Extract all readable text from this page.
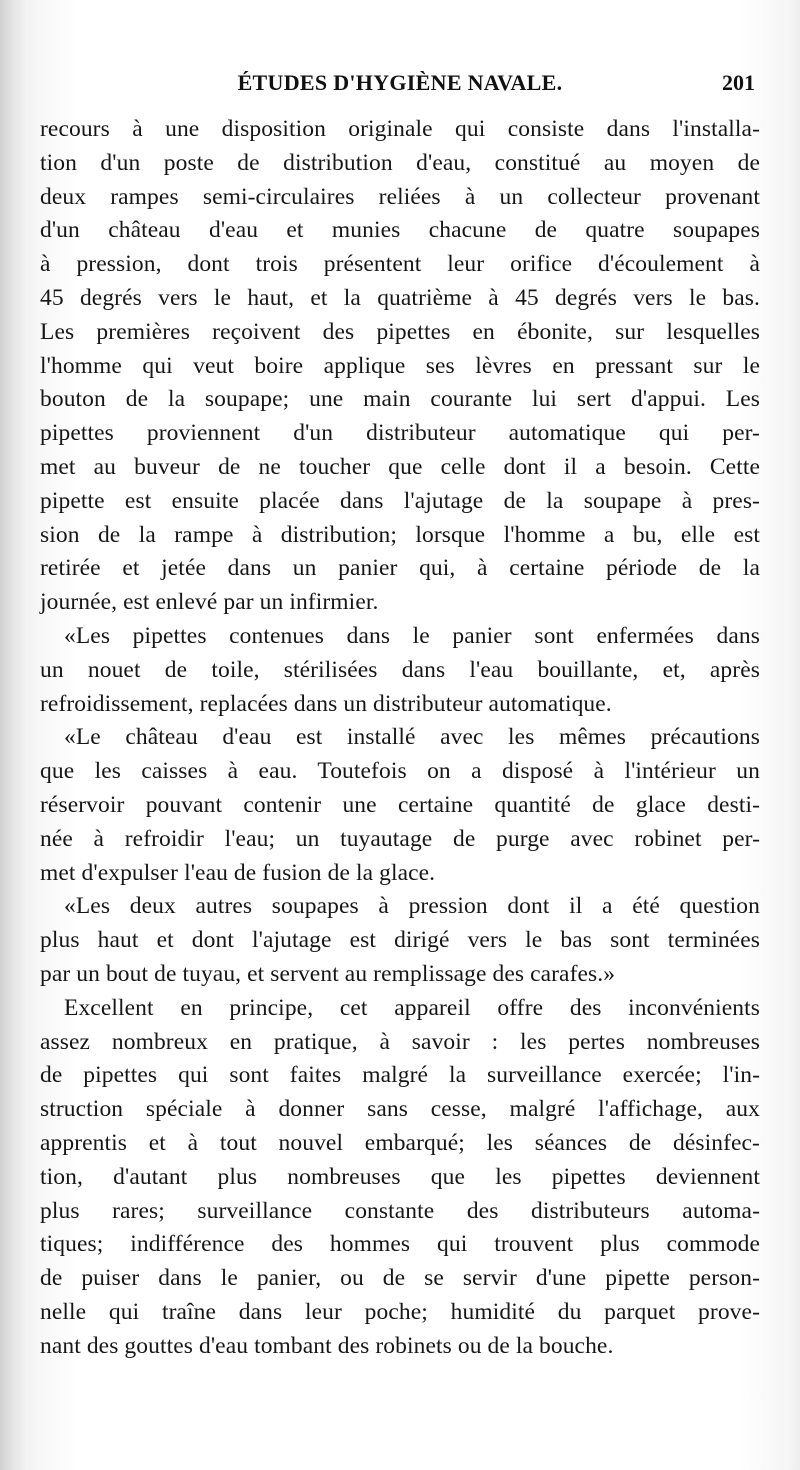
ÉTUDES D'HYGIÈNE NAVALE.	201
recours à une disposition originale qui consiste dans l'installa-
tion d'un poste de distribution d'eau, constitué au moyen de
deux rampes semi-circulaires reliées à un collecteur provenant
d'un château d'eau et munies chacune de quatre soupapes
à pression, dont trois présentent leur orifice d'écoulement à
45 degrés vers le haut, et la quatrième à 45 degrés vers le bas.
Les premières reçoivent des pipettes en ébonite, sur lesquelles
l'homme qui veut boire applique ses lèvres en pressant sur le
bouton de la soupape; une main courante lui sert d'appui. Les
pipettes proviennent d'un distributeur automatique qui per-
met au buveur de ne toucher que celle dont il a besoin. Cette
pipette est ensuite placée dans l'ajutage de la soupape à pres-
sion de la rampe à distribution; lorsque l'homme a bu, elle est
retirée et jetée dans un panier qui, à certaine période de la
journée, est enlevé par un infirmier.
«Les pipettes contenues dans le panier sont enfermées dans
un nouet de toile, stérilisées dans l'eau bouillante, et, après
refroidissement, replacées dans un distributeur automatique.
«Le château d'eau est installé avec les mêmes précautions
que les caisses à eau. Toutefois on a disposé à l'intérieur un
réservoir pouvant contenir une certaine quantité de glace desti-
née à refroidir l'eau; un tuyautage de purge avec robinet per-
met d'expulser l'eau de fusion de la glace.
«Les deux autres soupapes à pression dont il a été question
plus haut et dont l'ajutage est dirigé vers le bas sont terminées
par un bout de tuyau, et servent au remplissage des carafes.»
Excellent en principe, cet appareil offre des inconvénients
assez nombreux en pratique, à savoir : les pertes nombreuses
de pipettes qui sont faites malgré la surveillance exercée; l'in-
struction spéciale à donner sans cesse, malgré l'affichage, aux
apprentis et à tout nouvel embarqué; les séances de désinfec-
tion, d'autant plus nombreuses que les pipettes deviennent
plus rares; surveillance constante des distributeurs automa-
tiques; indifférence des hommes qui trouvent plus commode
de puiser dans le panier, ou de se servir d'une pipette person-
nelle qui traîne dans leur poche; humidité du parquet prove-
nant des gouttes d'eau tombant des robinets ou de la bouche.
